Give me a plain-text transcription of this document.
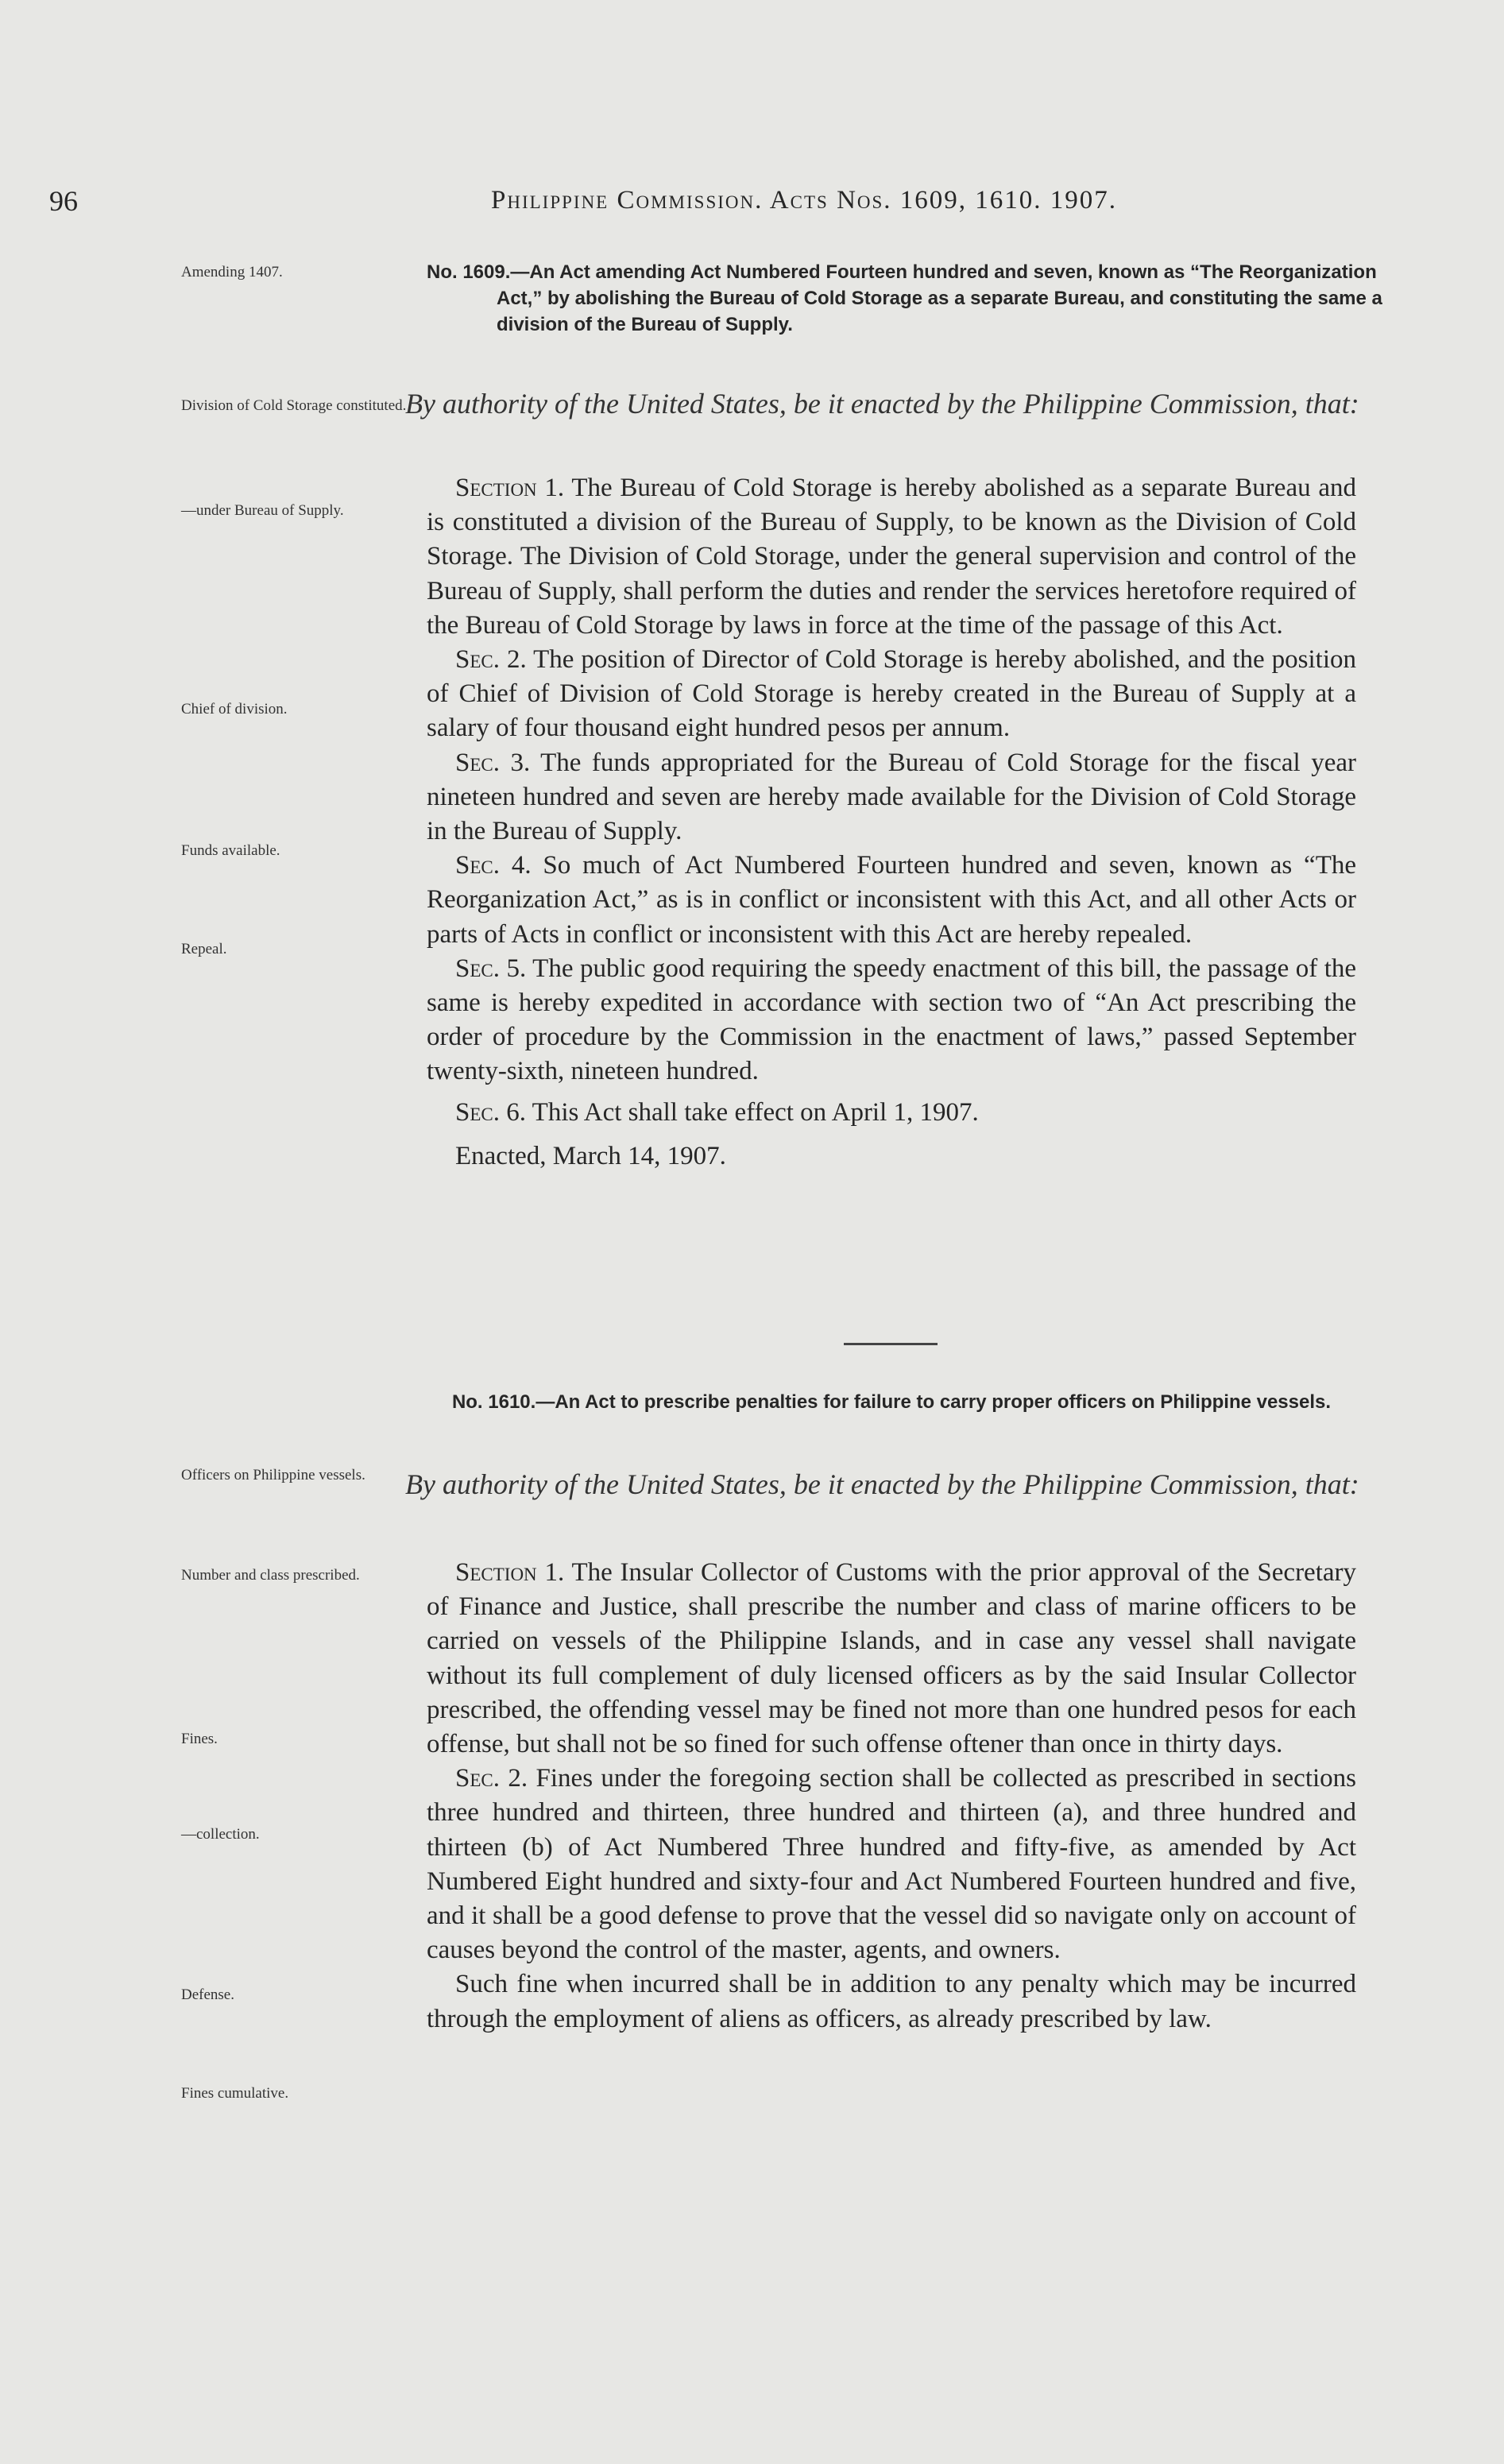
96	Philippine Commission. Acts Nos. 1609, 1610. 1907.
Amending 1407.	No. 1609.—An Act amending Act Numbered Fourteen hundred and seven, known as “The Reorganization Act,” by abolishing the Bureau of Cold Storage as a separate Bureau, and constituting the same a division of the Bureau of Supply.
Division of Cold Storage constituted.
By authority of the United States, be it enacted by the Philippine Commission, that:
—under Bureau of Supply.
Chief of division.
Funds available.
Repeal.

Section 1. The Bureau of Cold Storage is hereby abolished as a separate Bureau and is constituted a division of the Bureau of Supply, to be known as the Division of Cold Storage. The Division of Cold Storage, under the general supervision and control of the Bureau of Supply, shall perform the duties and render the services heretofore required of the Bureau of Cold Storage by laws in force at the time of the passage of this Act.

Sec. 2. The position of Director of Cold Storage is hereby abolished, and the position of Chief of Division of Cold Storage is hereby created in the Bureau of Supply at a salary of four thousand eight hundred pesos per annum.

Sec. 3. The funds appropriated for the Bureau of Cold Storage for the fiscal year nineteen hundred and seven are hereby made available for the Division of Cold Storage in the Bureau of Supply.

Sec. 4. So much of Act Numbered Fourteen hundred and seven, known as “The Reorganization Act,” as is in conflict or inconsistent with this Act, and all other Acts or parts of Acts in conflict or inconsistent with this Act are hereby repealed.

Sec. 5. The public good requiring the speedy enactment of this bill, the passage of the same is hereby expedited in accordance with section two of “An Act prescribing the order of procedure by the Commission in the enactment of laws,” passed September twenty-sixth, nineteen hundred.

Sec. 6. This Act shall take effect on April 1, 1907.

Enacted, March 14, 1907.

No. 1610.—An Act to prescribe penalties for failure to carry proper officers on Philippine vessels.
Officers on Philippine vessels.	By authority of the United States, be it enacted by the Philippine Commission, that:
Number and class prescribed.
Fines.
—collection.
Defense.
Fines cumulative.

Section 1. The Insular Collector of Customs with the prior approval of the Secretary of Finance and Justice, shall prescribe the number and class of marine officers to be carried on vessels of the Philippine Islands, and in case any vessel shall navigate without its full complement of duly licensed officers as by the said Insular Collector prescribed, the offending vessel may be fined not more than one hundred pesos for each offense, but shall not be so fined for such offense oftener than once in thirty days.

Sec. 2. Fines under the foregoing section shall be collected as prescribed in sections three hundred and thirteen, three hundred and thirteen (a), and three hundred and thirteen (b) of Act Numbered Three hundred and fifty-five, as amended by Act Numbered Eight hundred and sixty-four and Act Numbered Fourteen hundred and five, and it shall be a good defense to prove that the vessel did so navigate only on account of causes beyond the control of the master, agents, and owners.

Such fine when incurred shall be in addition to any penalty which may be incurred through the employment of aliens as officers, as already prescribed by law.
